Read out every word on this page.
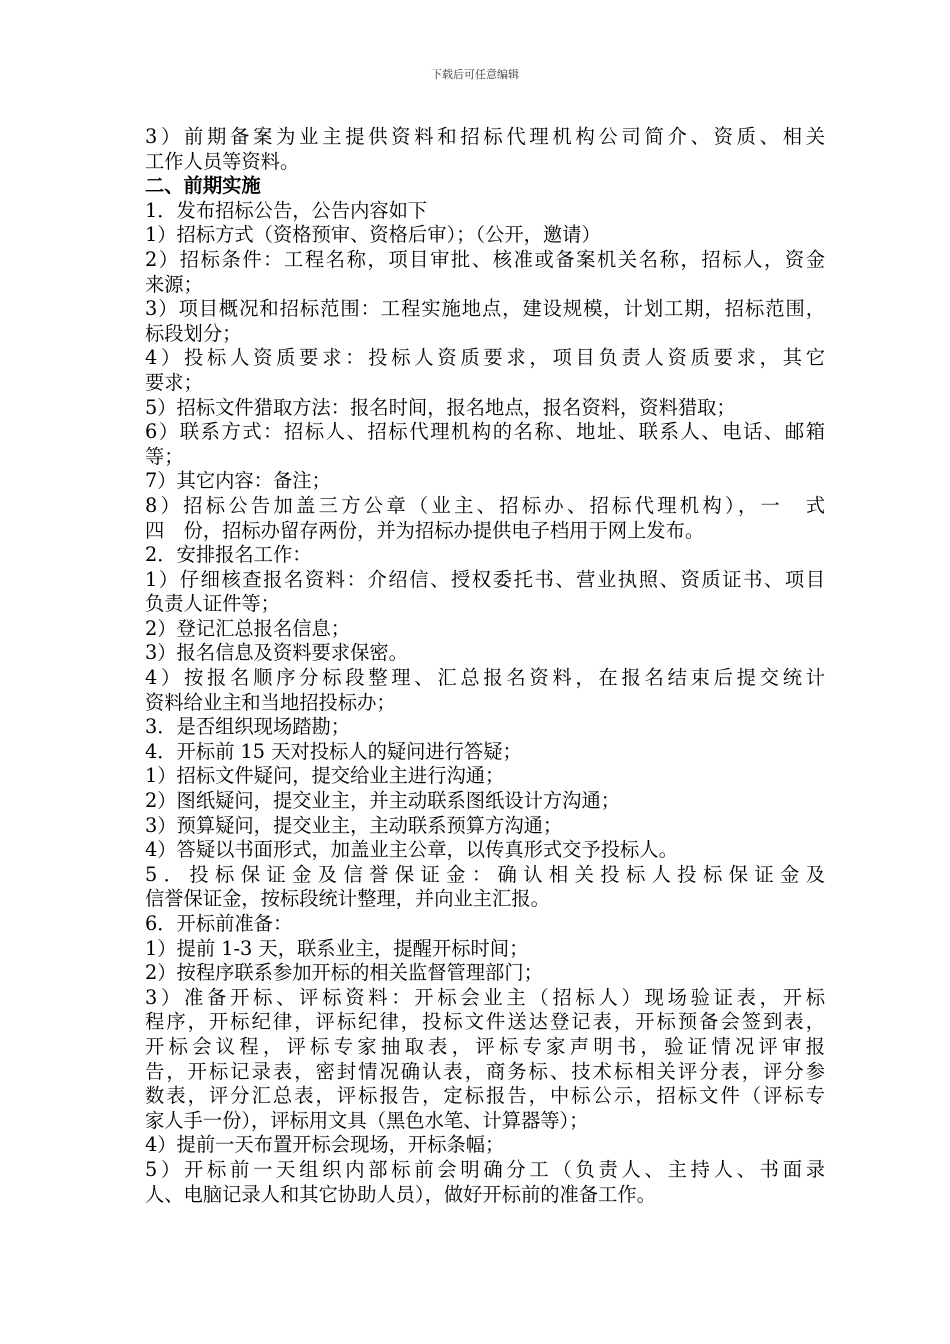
下载后可任意编辑
3）前期备案为业主提供资料和招标代理机构公司简介、资质、相关
工作人员等资料。
二、前期实施
1．发布招标公告，公告内容如下
1）招标方式（资格预审、资格后审）；（公开，邀请）
2）招标条件：工程名称，项目审批、核准或备案机关名称，招标人，资金
来源；
3）项目概况和招标范围：工程实施地点，建设规模，计划工期，招标范围，
标段划分；
4）投标人资质要求：投标人资质要求，项目负责人资质要求，其它
要求；
5）招标文件猎取方法：报名时间，报名地点，报名资料，资料猎取；
6）联系方式：招标人、招标代理机构的名称、地址、联系人、电话、邮箱
等；
7）其它内容：备注；
8）招标公告加盖三方公章（业主、招标办、招标代理机构），一　式
四　份，招标办留存两份，并为招标办提供电子档用于网上发布。
2．安排报名工作：
1）仔细核查报名资料：介绍信、授权委托书、营业执照、资质证书、项目
负责人证件等；
2）登记汇总报名信息；
3）报名信息及资料要求保密。
4）按报名顺序分标段整理、汇总报名资料，在报名结束后提交统计
资料给业主和当地招投标办；
3．是否组织现场踏勘；
4．开标前 15 天对投标人的疑问进行答疑；
1）招标文件疑问，提交给业主进行沟通；
2）图纸疑问，提交业主，并主动联系图纸设计方沟通；
3）预算疑问，提交业主，主动联系预算方沟通；
4）答疑以书面形式，加盖业主公章，以传真形式交予投标人。
5．投标保证金及信誉保证金：确认相关投标人投标保证金及
信誉保证金，按标段统计整理，并向业主汇报。
6．开标前准备：
1）提前 1-3 天，联系业主，提醒开标时间；
2）按程序联系参加开标的相关监督管理部门；
3）准备开标、评标资料：开标会业主（招标人）现场验证表，开标
程序，开标纪律，评标纪律，投标文件送达登记表，开标预备会签到表，
开标会议程，评标专家抽取表，评标专家声明书，验证情况评审报
告，开标记录表，密封情况确认表，商务标、技术标相关评分表，评分参
数表，评分汇总表，评标报告，定标报告，中标公示，招标文件（评标专
家人手一份），评标用文具（黑色水笔、计算器等）；
4）提前一天布置开标会现场，开标条幅；
5）开标前一天组织内部标前会明确分工（负责人、主持人、书面录
人、电脑记录人和其它协助人员），做好开标前的准备工作。
